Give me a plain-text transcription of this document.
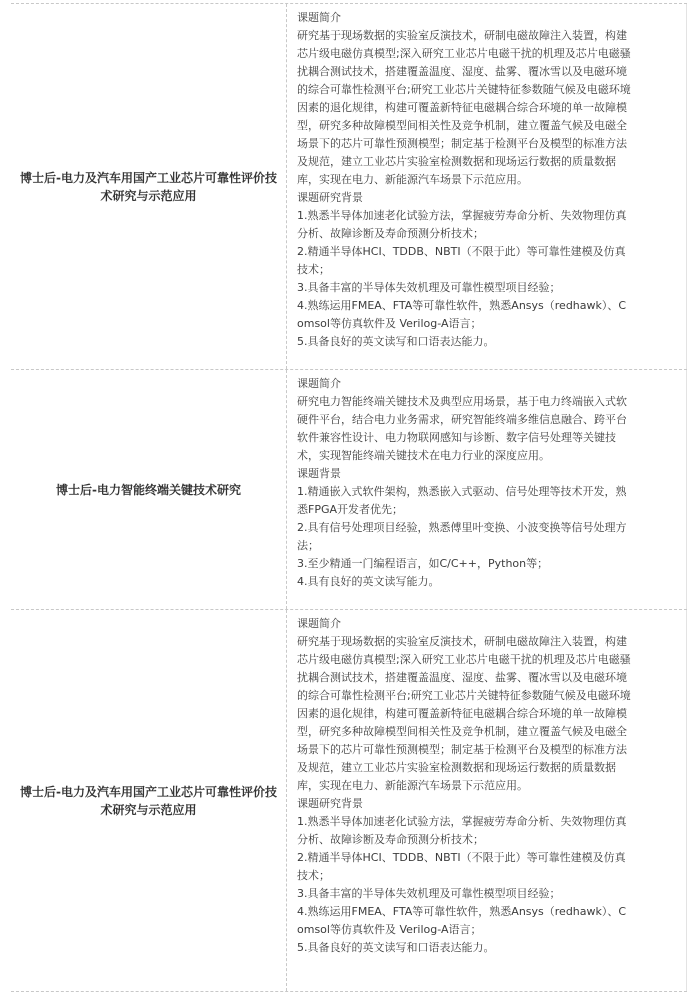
博士后-电力及汽车用国产工业芯片可靠性评价技
术研究与示范应用
课题简介
研究基于现场数据的实验室反演技术，研制电磁故障注入装置，构建
芯片级电磁仿真模型;深入研究工业芯片电磁干扰的机理及芯片电磁骚
扰耦合测试技术，搭建覆盖温度、湿度、盐雾、覆冰雪以及电磁环境
的综合可靠性检测平台;研究工业芯片关键特征参数随气候及电磁环境
因素的退化规律，构建可覆盖新特征电磁耦合综合环境的单一故障模
型，研究多种故障模型间相关性及竞争机制，建立覆盖气候及电磁全
场景下的芯片可靠性预测模型；制定基于检测平台及模型的标准方法
及规范，建立工业芯片实验室检测数据和现场运行数据的质量数据
库，实现在电力、新能源汽车场景下示范应用。
课题研究背景
1.熟悉半导体加速老化试验方法，掌握疲劳寿命分析、失效物理仿真
分析、故障诊断及寿命预测分析技术；
2.精通半导体HCI、TDDB、NBTI（不限于此）等可靠性建模及仿真
技术；
3.具备丰富的半导体失效机理及可靠性模型项目经验；
4.熟练运用FMEA、FTA等可靠性软件，熟悉Ansys（redhawk）、C
omsol等仿真软件及 Verilog-A语言；
5.具备良好的英文读写和口语表达能力。
博士后-电力智能终端关键技术研究
课题简介
研究电力智能终端关键技术及典型应用场景，基于电力终端嵌入式软
硬件平台，结合电力业务需求，研究智能终端多维信息融合、跨平台
软件兼容性设计、电力物联网感知与诊断、数字信号处理等关键技
术，实现智能终端关键技术在电力行业的深度应用。
课题背景
1.精通嵌入式软件架构，熟悉嵌入式驱动、信号处理等技术开发，熟
悉FPGA开发者优先；
2.具有信号处理项目经验，熟悉傅里叶变换、小波变换等信号处理方
法；
3.至少精通一门编程语言，如C/C++，Python等；
4.具有良好的英文读写能力。
博士后-电力及汽车用国产工业芯片可靠性评价技
术研究与示范应用
课题简介
研究基于现场数据的实验室反演技术，研制电磁故障注入装置，构建
芯片级电磁仿真模型;深入研究工业芯片电磁干扰的机理及芯片电磁骚
扰耦合测试技术，搭建覆盖温度、湿度、盐雾、覆冰雪以及电磁环境
的综合可靠性检测平台;研究工业芯片关键特征参数随气候及电磁环境
因素的退化规律，构建可覆盖新特征电磁耦合综合环境的单一故障模
型，研究多种故障模型间相关性及竞争机制，建立覆盖气候及电磁全
场景下的芯片可靠性预测模型；制定基于检测平台及模型的标准方法
及规范，建立工业芯片实验室检测数据和现场运行数据的质量数据
库，实现在电力、新能源汽车场景下示范应用。
课题研究背景
1.熟悉半导体加速老化试验方法，掌握疲劳寿命分析、失效物理仿真
分析、故障诊断及寿命预测分析技术；
2.精通半导体HCI、TDDB、NBTI（不限于此）等可靠性建模及仿真
技术；
3.具备丰富的半导体失效机理及可靠性模型项目经验；
4.熟练运用FMEA、FTA等可靠性软件，熟悉Ansys（redhawk）、C
omsol等仿真软件及 Verilog-A语言；
5.具备良好的英文读写和口语表达能力。
